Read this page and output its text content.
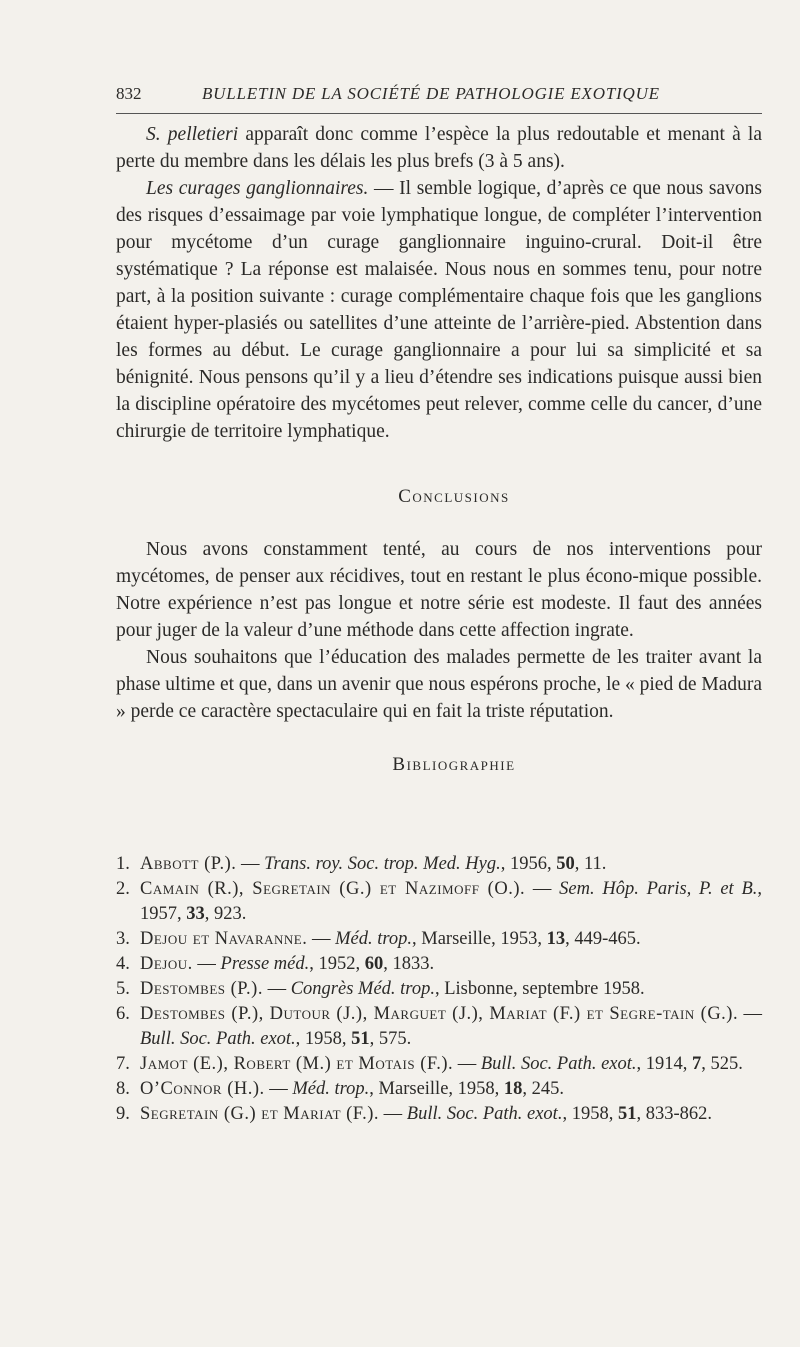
832	BULLETIN DE LA SOCIÉTÉ DE PATHOLOGIE EXOTIQUE

S. pelletieri apparaît donc comme l’espèce la plus redoutable et menant à la perte du membre dans les délais les plus brefs (3 à 5 ans).

Les curages ganglionnaires. — Il semble logique, d’après ce que nous savons des risques d’essaimage par voie lymphatique longue, de compléter l’intervention pour mycétome d’un curage ganglionnaire inguino-crural. Doit-il être systématique ? La réponse est malaisée. Nous nous en sommes tenu, pour notre part, à la position suivante : curage complémentaire chaque fois que les ganglions étaient hyper-plasiés ou satellites d’une atteinte de l’arrière-pied. Abstention dans les formes au début. Le curage ganglionnaire a pour lui sa simplicité et sa bénignité. Nous pensons qu’il y a lieu d’étendre ses indications puisque aussi bien la discipline opératoire des mycétomes peut relever, comme celle du cancer, d’une chirurgie de territoire lymphatique.

Conclusions

Nous avons constamment tenté, au cours de nos interventions pour mycétomes, de penser aux récidives, tout en restant le plus écono-mique possible. Notre expérience n’est pas longue et notre série est modeste. Il faut des années pour juger de la valeur d’une méthode dans cette affection ingrate.

Nous souhaitons que l’éducation des malades permette de les traiter avant la phase ultime et que, dans un avenir que nous espérons proche, le « pied de Madura » perde ce caractère spectaculaire qui en fait la triste réputation.

Bibliographie

1. Abbott (P.). — Trans. roy. Soc. trop. Med. Hyg., 1956, 50, 11.
2. Camain (R.), Segretain (G.) et Nazimoff (O.). — Sem. Hôp. Paris, P. et B., 1957, 33, 923.
3. Dejou et Navaranne. — Méd. trop., Marseille, 1953, 13, 449-465.
4. Dejou. — Presse méd., 1952, 60, 1833.
5. Destombes (P.). — Congrès Méd. trop., Lisbonne, septembre 1958.
6. Destombes (P.), Dutour (J.), Marguet (J.), Mariat (F.) et Segre-tain (G.). — Bull. Soc. Path. exot., 1958, 51, 575.
7. Jamot (E.), Robert (M.) et Motais (F.). — Bull. Soc. Path. exot., 1914, 7, 525.
8. O’Connor (H.). — Méd. trop., Marseille, 1958, 18, 245.
9. Segretain (G.) et Mariat (F.). — Bull. Soc. Path. exot., 1958, 51, 833-862.
